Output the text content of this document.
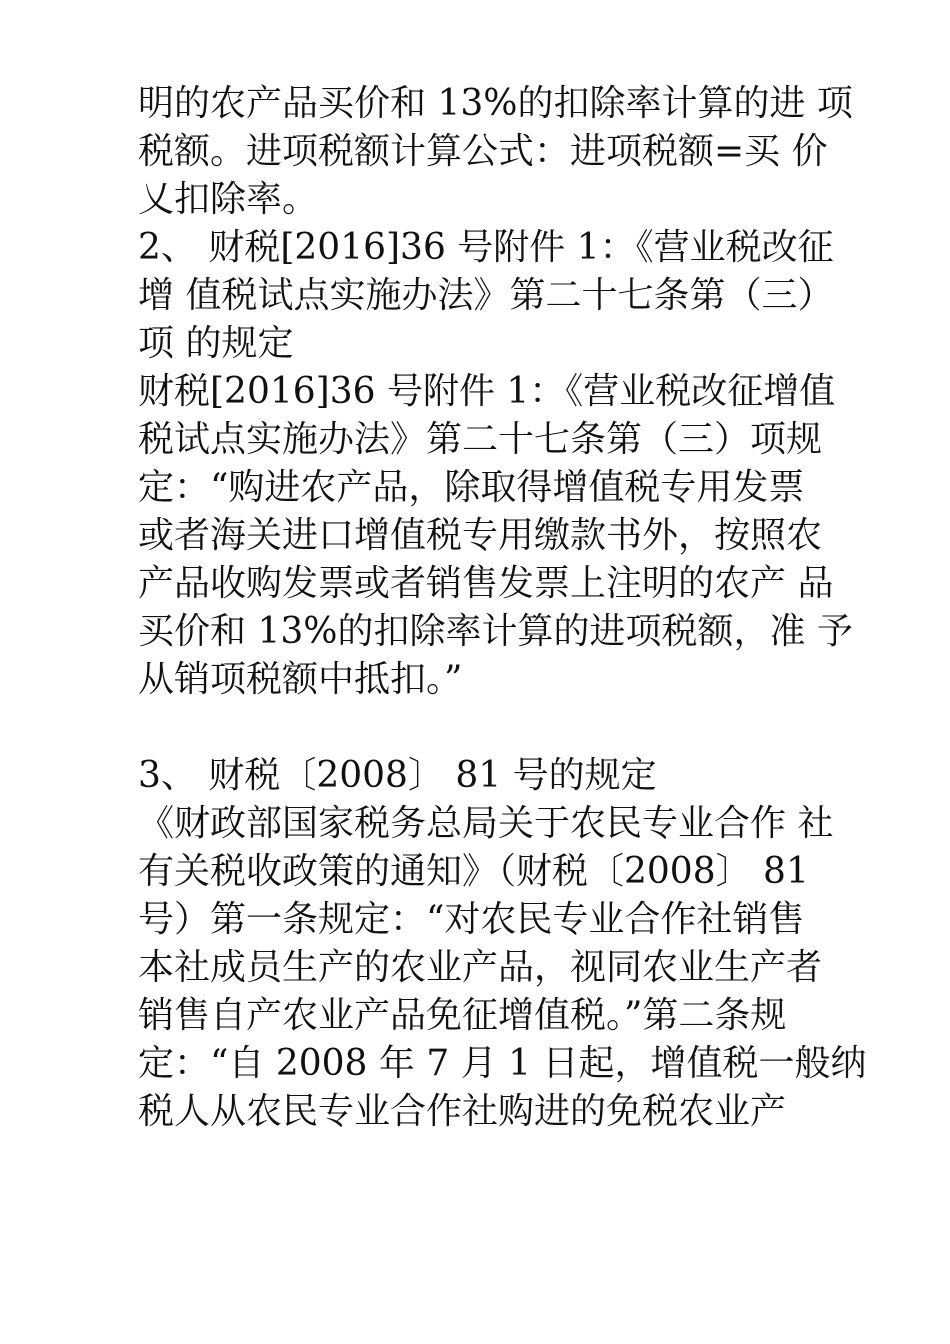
明的农产品买价和 13%的扣除率计算的进 项
税额。进项税额计算公式：进项税额=买 价
乂扣除率。
2、 财税[2016]36 号附件 1：《营业税改征
增 值税试点实施办法》第二十七条第（三）
项 的规定
财税[2016]36 号附件 1：《营业税改征增值
税试点实施办法》第二十七条第（三）项规
定：“购进农产品，除取得增值税专用发票
或者海关进口增值税专用缴款书外，按照农
产品收购发票或者销售发票上注明的农产 品
买价和 13%的扣除率计算的进项税额，准 予
从销项税额中抵扣。”
3、 财税〔2008〕 81 号的规定
《财政部国家税务总局关于农民专业合作 社
有关税收政策的通知》（财税〔2008〕 81
号）第一条规定：“对农民专业合作社销售
本社成员生产的农业产品，视同农业生产者
销售自产农业产品免征增值税。”第二条规
定：“自 2008 年 7 月 1 日起，增值税一般纳
税人从农民专业合作社购进的免税农业产
